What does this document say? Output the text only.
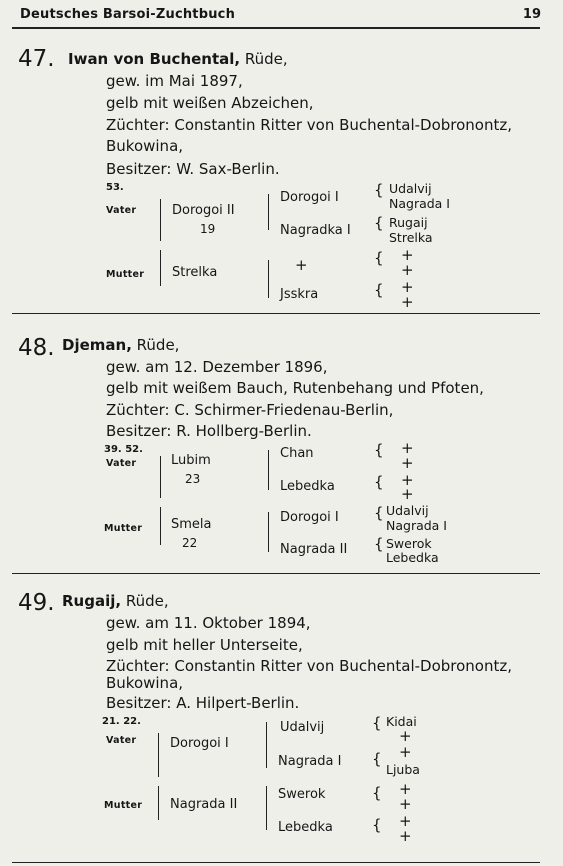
Deutsches Barsoi-Zuchtbuch	19
47. Iwan von Buchental, Rüde,
gew. im Mai 1897,
gelb mit weißen Abzeichen,
Züchter: Constantin Ritter von Buchental-Dobronontz,
Bukowina,
Besitzer: W. Sax-Berlin.
53.
Vater
Mutter
Dorogoi II
19
Strelka
Dorogoi I
Nagradka I
+
Jsskra
{
{
{
{
Udalvij
Nagrada I
Rugaij
Strelka
+
+
+
+
48. Djeman, Rüde,
gew. am 12. Dezember 1896,
gelb mit weißem Bauch, Rutenbehang und Pfoten,
Züchter: C. Schirmer-Friedenau-Berlin,
Besitzer: R. Hollberg-Berlin.
39. 52.
Vater
Mutter
Lubim
23
Smela
22
Chan
Lebedka
Dorogoi I
Nagrada II
{
{
{
{
+
+
+
+
Udalvij
Nagrada I
Swerok
Lebedka
49. Rugaij, Rüde,
gew. am 11. Oktober 1894,
gelb mit heller Unterseite,
Züchter: Constantin Ritter von Buchental-Dobronontz,
Bukowina,
Besitzer: A. Hilpert-Berlin.
21. 22.
Vater
Mutter
Dorogoi I
Nagrada II
Udalvij
Nagrada I
Swerok
Lebedka
{
{
{
{
Kidai
+
+
Ljuba
+
+
+
+
